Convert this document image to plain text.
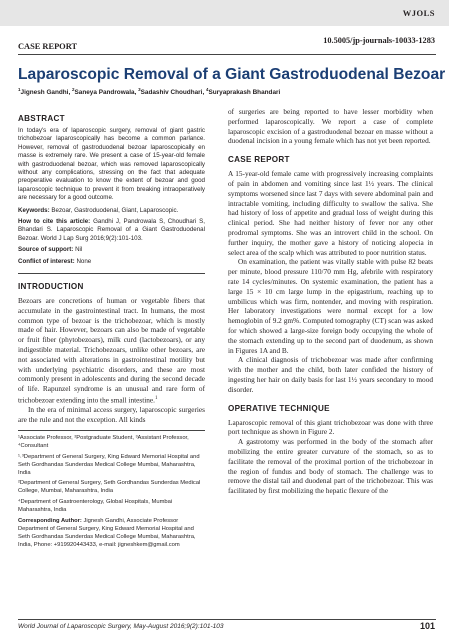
WJOLS
10.5005/jp-journals-10033-1283
CASE REPORT
Laparoscopic Removal of a Giant Gastroduodenal Bezoar
$^1$Jignesh Gandhi, $^2$Saneya Pandrowala, $^3$Sadashiv Choudhari, $^4$Suryaprakash Bhandari
ABSTRACT

In today's era of laparoscopic surgery, removal of giant gastric trichobezoar laparoscopically has become a common parlance. However, removal of gastroduodenal bezoar laparoscopically en masse is extremely rare. We present a case of 15-year-old female with gastroduodenal bezoar, which was removed laparoscopically without any complications, stressing on the fact that adequate preoperative evaluation to know the extent of bezoar and good laparoscopic technique to prevent it from breaking intraoperatively are necessary for a good outcome.

Keywords: Bezoar, Gastroduodenal, Giant, Laparoscopic.

How to cite this article: Gandhi J, Pandrowala S, Choudhari S, Bhandari S. Laparoscopic Removal of a Giant Gastroduodenal Bezoar. World J Lap Surg 2016;9(2):101-103.

Source of support: Nil

Conflict of interest: None

INTRODUCTION

Bezoars are concretions of human or vegetable fibers that accumulate in the gastrointestinal tract. In humans, the most common type of bezoar is the trichobezoar, which is mostly made of hair. However, bezoars can also be made of vegetable or fruit fiber (phytobezoars), milk curd (lactobezoars), or any indigestible material. Trichobezoars, unlike other bezoars, are not associated with alterations in gastrointestinal motility but with underlying psychiatric disorders, and these are most commonly present in adolescents and during the second decade of life. Rapunzel syndrome is an unusual and rare form of trichobezoar extending into the small intestine.$^1$

In the era of minimal access surgery, laparoscopic surgeries are the rule and not the exception. All kinds

¹Associate Professor, ²Postgraduate Student, ³Assistant Professor, ⁴Consultant

¹˒³Department of General Surgery, King Edward Memorial Hospital and Seth Gordhandas Sunderdas Medical College Mumbai, Maharashtra, India

²Department of General Surgery, Seth Gordhandas Sunderdas Medical College, Mumbai, Maharashtra, India

⁴Department of Gastroenterology, Global Hospitals, Mumbai Maharashtra, India

Corresponding Author: Jignesh Gandhi, Associate Professor Department of General Surgery, King Edward Memorial Hospital and Seth Gordhandas Sunderdas Medical College Mumbai, Maharashtra, India, Phone: +919920443433, e-mail: jigneshkem@gmail.com

of surgeries are being reported to have lesser morbidity when performed laparoscopically. We report a case of complete laparoscopic excision of a gastroduodenal bezoar en masse without a duodenal incision in a young female which has not yet been reported.

CASE REPORT

A 15-year-old female came with progressively increasing complaints of pain in abdomen and vomiting since last 1½ years. The clinical symptoms worsened since last 7 days with severe abdominal pain and intractable vomiting, including difficulty to swallow the saliva. She had history of loss of appetite and gradual loss of weight during this clinical period. She had neither history of fever nor any other prodromal symptoms. She was an introvert child in the school. On further inquiry, the mother gave a history of noticing alopecia in select area of the scalp which was attributed to poor nutrition status.

On examination, the patient was vitally stable with pulse 82 beats per minute, blood pressure 110/70 mm Hg, afebrile with respiratory rate 14 cycles/minutes. On systemic examination, the patient has a large 15 × 10 cm large lump in the epigastrium, reaching up to umbilicus which was firm, nontender, and moving with respiration. Her laboratory investigations were normal except for a low hemoglobin of 9.2 gm%. Computed tomography (CT) scan was asked for which showed a large-size foreign body occupying the whole of the stomach extending up to the second part of duodenum, as shown in Figures 1A and B.

A clinical diagnosis of trichobezoar was made after confirming with the mother and the child, both later confided the history of ingesting her hair on daily basis for last 1½ years secondary to mood disorder.

OPERATIVE TECHNIQUE

Laparoscopic removal of this giant trichobezoar was done with three port technique as shown in Figure 2.

A gastrotomy was performed in the body of the stomach after mobilizing the entire greater curvature of the stomach, so as to facilitate the removal of the proximal portion of the trichobezoar in the region of fundus and body of stomach. The challenge was to remove the distal tail and duodenal part of the trichobezoar. This was facilitated by first mobilizing the hepatic flexure of the

World Journal of Laparoscopic Surgery, May-August 2016;9(2):101-103	101
